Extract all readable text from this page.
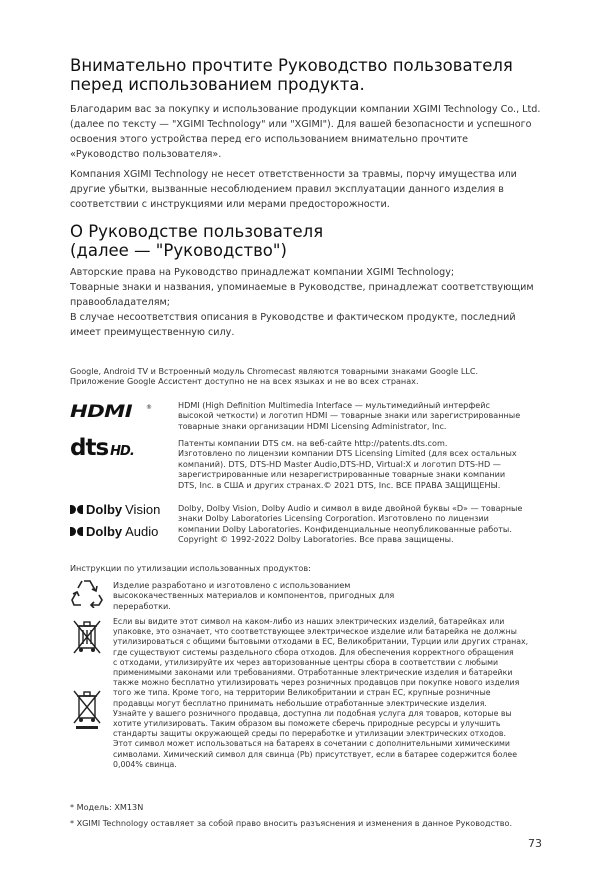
Внимательно прочтите Руководство пользователя
перед использованием продукта.

Благодарим вас за покупку и использование продукции компании XGIMI Technology Co., Ltd.
(далее по тексту — "XGIMI Technology" или "XGIMI"). Для вашей безопасности и успешного
освоения этого устройства перед его использованием внимательно прочтите
«Руководство пользователя».

Компания XGIMI Technology не несет ответственности за травмы, порчу имущества или
другие убытки, вызванные несоблюдением правил эксплуатации данного изделия в
соответствии с инструкциями или мерами предосторожности.

О Руководстве пользователя
(далее — "Руководство")

Авторские права на Руководство принадлежат компании XGIMI Technology;
Товарные знаки и названия, упоминаемые в Руководстве, принадлежат соответствующим
правообладателям;
В случае несоответствия описания в Руководстве и фактическом продукте, последний
имеет преимущественную силу.

Google, Android TV и Встроенный модуль Chromecast являются товарными знаками Google LLC.
Приложение Google Ассистент доступно не на всех языках и не во всех странах.

HDMI ®	HDMI (High Definition Multimedia Interface — мультимедийный интерфейс
высокой четкости) и логотип HDMI — товарные знаки или зарегистрированные
товарные знаки организации HDMI Licensing Administrator, Inc.

dts HD.

Патенты компании DTS см. на веб-сайте http://patents.dts.com.
Изготовлено по лицензии компании DTS Licensing Limited (для всех остальных
компаний). DTS, DTS-HD Master Audio,DTS-HD, Virtual:X и логотип DTS-HD —
зарегистрированные или незарегистрированные товарные знаки компании
DTS, Inc. в США и других странах.© 2021 DTS, Inc. ВСЕ ПРАВА ЗАЩИЩЕНЫ.

Dolby Vision
Dolby Audio

Dolby, Dolby Vision, Dolby Audio и символ в виде двойной буквы «D» — товарные
знаки Dolby Laboratories Licensing Corporation. Изготовлено по лицензии
компании Dolby Laboratories. Конфиденциальные неопубликованные работы.
Copyright © 1992-2022 Dolby Laboratories. Все права защищены.

Инструкции по утилизации использованных продуктов:

Изделие разработано и изготовлено с использованием
высококачественных материалов и компонентов, пригодных для
переработки.

Если вы видите этот символ на каком-либо из наших электрических изделий, батарейках или
упаковке, это означает, что соответствующее электрическое изделие или батарейка не должны
утилизироваться с общими бытовыми отходами в ЕС, Великобритании, Турции или других странах,
где существуют системы раздельного сбора отходов. Для обеспечения корректного обращения
с отходами, утилизируйте их через авторизованные центры сбора в соответствии с любыми
применимыми законами или требованиями. Отработанные электрические изделия и батарейки
также можно бесплатно утилизировать через розничных продавцов при покупке нового изделия
того же типа. Кроме того, на территории Великобритании и стран ЕС, крупные розничные
продавцы могут бесплатно принимать небольшие отработанные электрические изделия.
Узнайте у вашего розничного продавца, доступна ли подобная услуга для товаров, которые вы
хотите утилизировать. Таким образом вы поможете сберечь природные ресурсы и улучшить
стандарты защиты окружающей среды по переработке и утилизации электрических отходов.
Этот символ может использоваться на батареях в сочетании с дополнительными химическими
символами. Химический символ для свинца (Pb) присутствует, если в батарее содержится более
0,004% свинца.

* Модель: XM13N

* XGIMI Technology оставляет за собой право вносить разъяснения и изменения в данное Руководство.

73
